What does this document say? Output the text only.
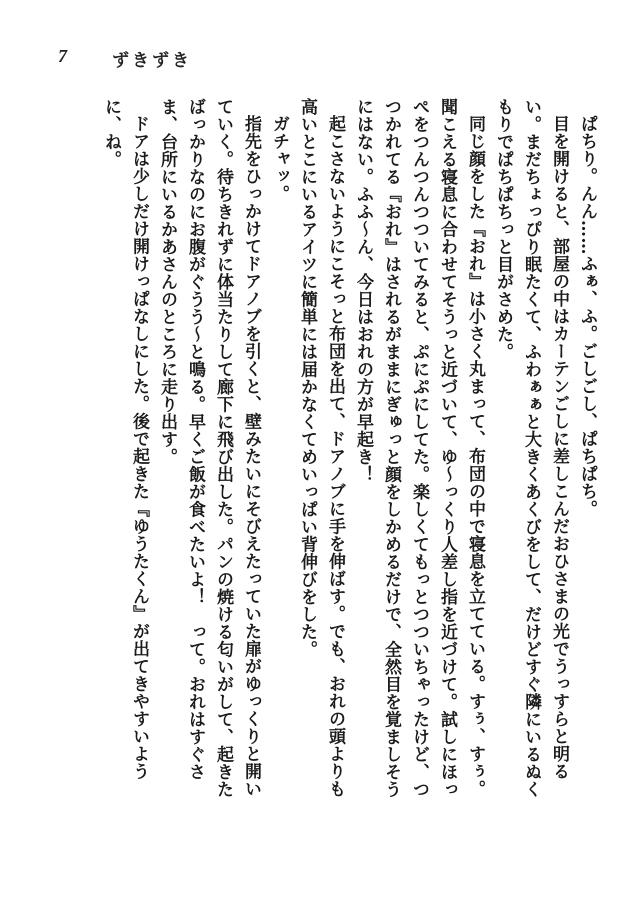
7	ずきずき

ぱちり。んん……ふぁ、ふ。ごしごし、ぱちぱち。

目を開けると、部屋の中はカーテンごしに差しこんだおひさまの光でうっすらと明るい。まだちょっぴり眠たくて、ふわぁぁと大きくあくびをして、だけどすぐ隣にいるぬくもりでぱちぱちっと目がさめた。

同じ顔をした『おれ』は小さく丸まって、布団の中で寝息を立てている。すぅ、すぅ。聞こえる寝息に合わせてそうっと近づいて、ゆ〜っくり人差し指を近づけて。試しにほっぺをつんつんつついてみると、ぷにぷにしてた。楽しくてもっとつついちゃったけど、つつかれてる『おれ』はされるがままにぎゅっと顔をしかめるだけで、全然目を覚ましそうにはない。ふふ〜ん、今日はおれの方が早起き！

起こさないようにこそっと布団を出て、ドアノブに手を伸ばす。でも、おれの頭よりも高いとこにいるアイツに簡単には届かなくてめいっぱい背伸びをした。

ガチャッ。

指先をひっかけてドアノブを引くと、壁みたいにそびえたっていた扉がゆっくりと開いていく。待ちきれずに体当たりして廊下に飛び出した。パンの焼ける匂いがして、起きたばっかりなのにお腹がぐうう〜と鳴る。早くご飯が食べたいよ！　って。おれはすぐさま、台所にいるかあさんのところに走り出す。

ドアは少しだけ開けっぱなしにした。後で起きた『ゆうたくん』が出てきやすいように、ね。
